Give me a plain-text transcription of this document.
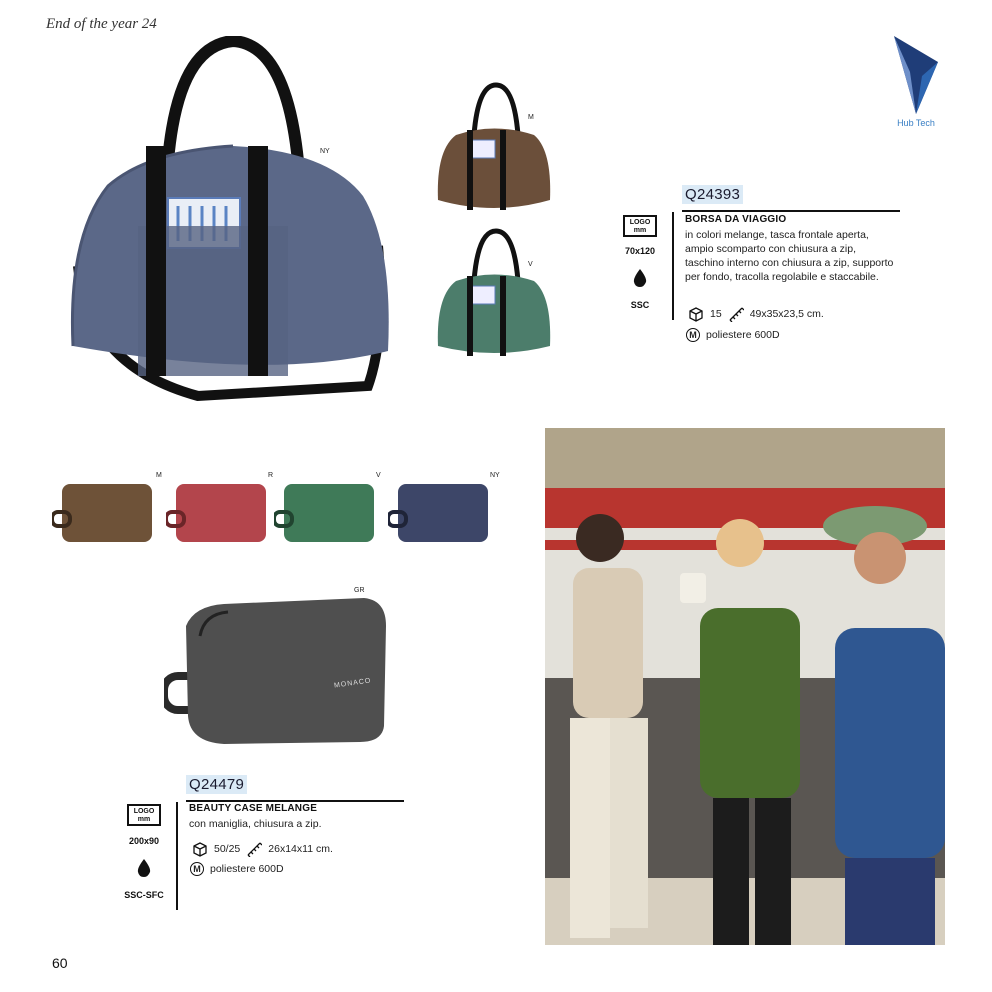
End of the year 24
Hub Tech
NY
M
V
Q24393
LOGO mm
70x120
SSC
BORSA DA VIAGGIO
in colori melange, tasca frontale aperta, ampio scomparto con chiusura a zip, taschino interno con chiusura a zip, supporto per fondo, tracolla regolabile e staccabile.
15	49x35x23,5 cm.
M poliestere 600D
M	R	V	NY
MONACO
GR
Q24479
LOGO mm
200x90
SSC-SFC
BEAUTY CASE MELANGE
con maniglia, chiusura a zip.
50/25	26x14x11 cm.
M poliestere 600D
60
